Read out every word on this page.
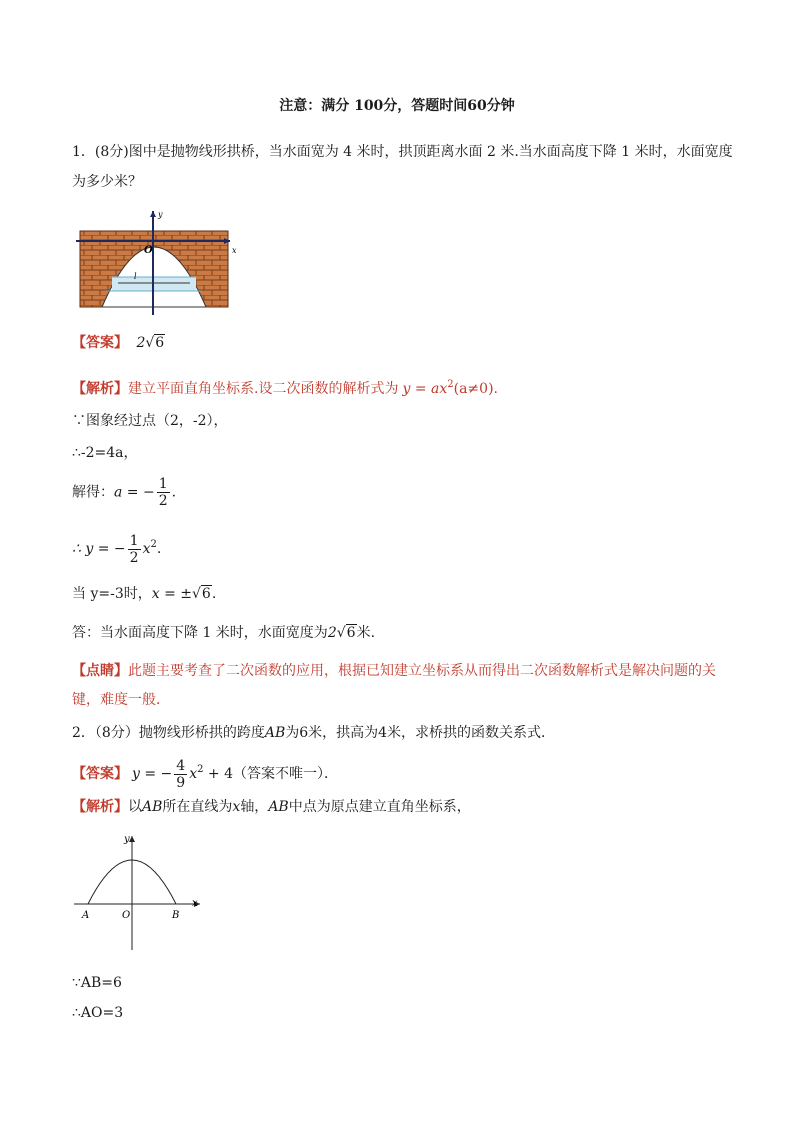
注意：满分 100分，答题时间60分钟
1．(8分)图中是抛物线形拱桥，当水面宽为 4 米时，拱顶距离水面 2 米.当水面高度下降 1 米时，水面宽度
为多少米？
y
x
O
l
【答案】 2√6
【解析】建立平面直角坐标系.设二次函数的解析式为 $y = ax^2(a\ne 0)$.
∵图象经过点（2，-2），
∴-2=4a，
解得：a = − $\frac{1}{2}$ .
∴ y = − $\frac{1}{2} x^2$.
当 y=-3时，x = ±√6.
答：当水面高度下降 1 米时，水面宽度为2√6米.
【点睛】此题主要考查了二次函数的应用，根据已知建立坐标系从而得出二次函数解析式是解决问题的关
键，难度一般．
2．（8分）抛物线形桥拱的跨度AB为6米，拱高为4米，求桥拱的函数关系式．
【答案】 y = − $\frac{4}{9} x^2 + 4$（答案不唯一）．
【解析】以AB所在直线为x轴，AB中点为原点建立直角坐标系，
y
x
A	O	B
∵AB=6
∴AO=3
